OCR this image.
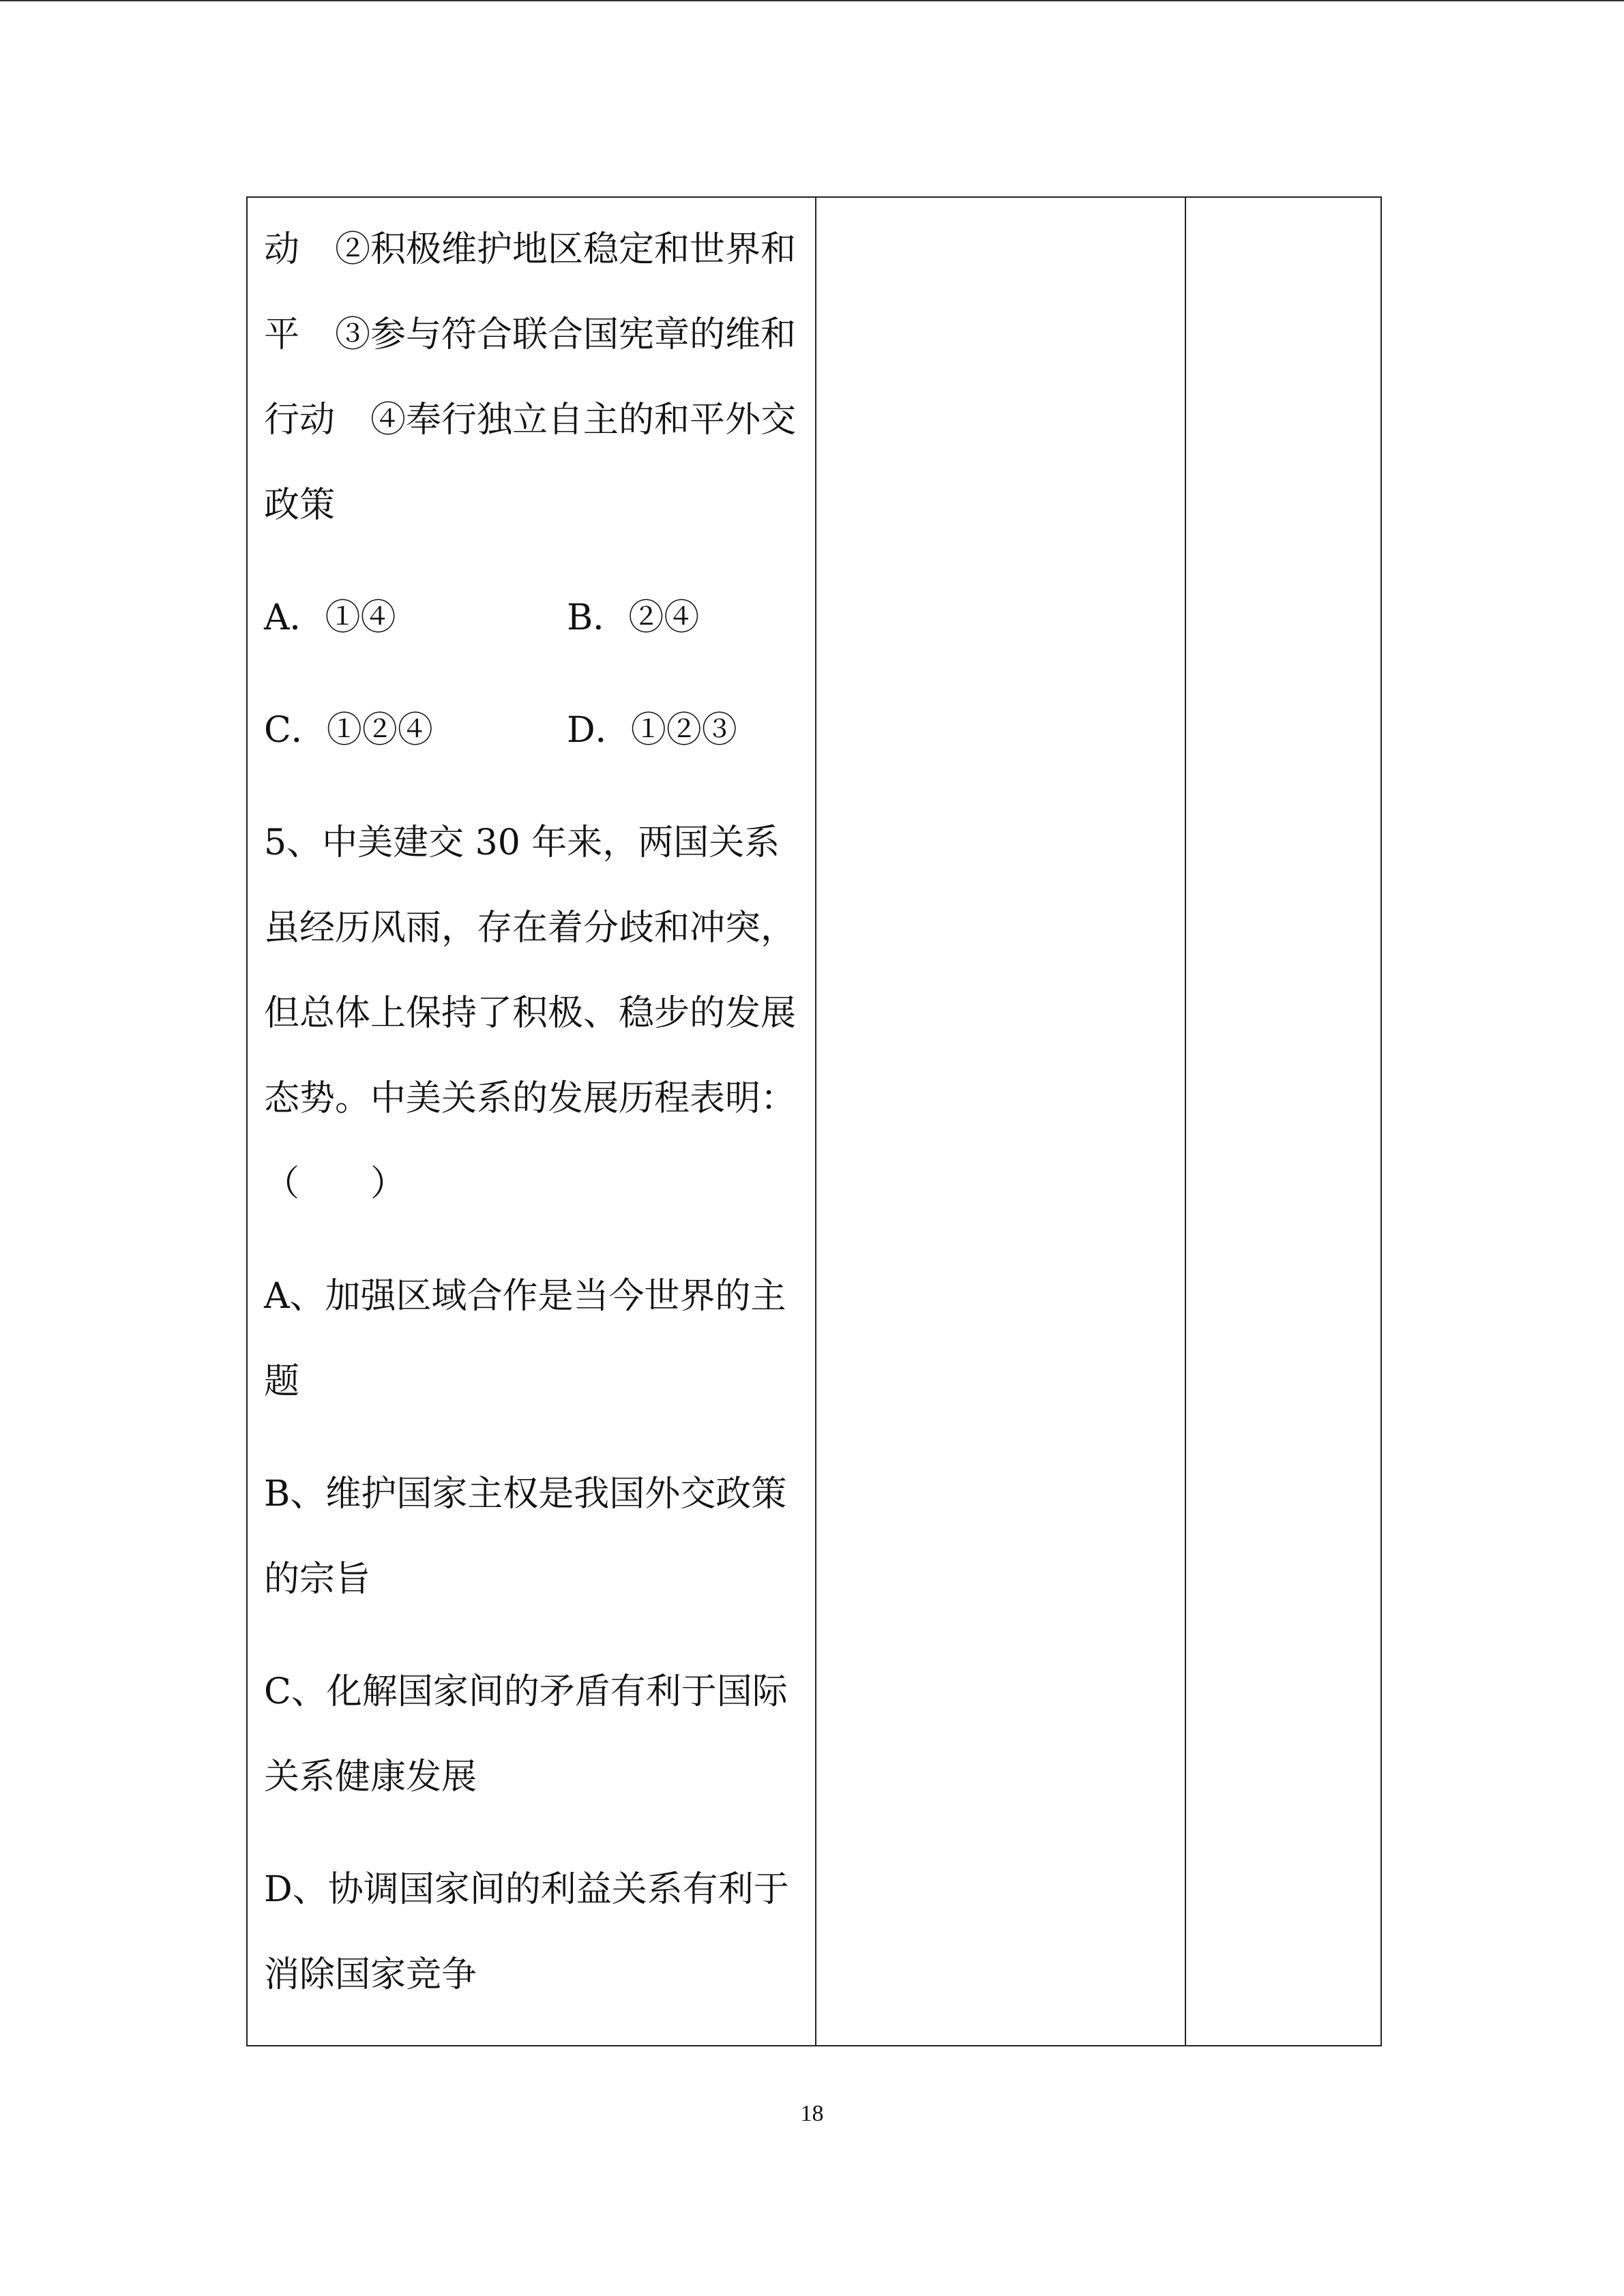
动　②积极维护地区稳定和世界和平　③参与符合联合国宪章的维和行动　④奉行独立自主的和平外交政策

A．①④	B．②④
C．①②④	D．①②③

5、中美建交 30 年来，两国关系虽经历风雨，存在着分歧和冲突，但总体上保持了积极、稳步的发展态势。中美关系的发展历程表明：（　　）

A、加强区域合作是当今世界的主题

B、维护国家主权是我国外交政策的宗旨

C、化解国家间的矛盾有利于国际关系健康发展

D、协调国家间的利益关系有利于消除国家竞争

18
